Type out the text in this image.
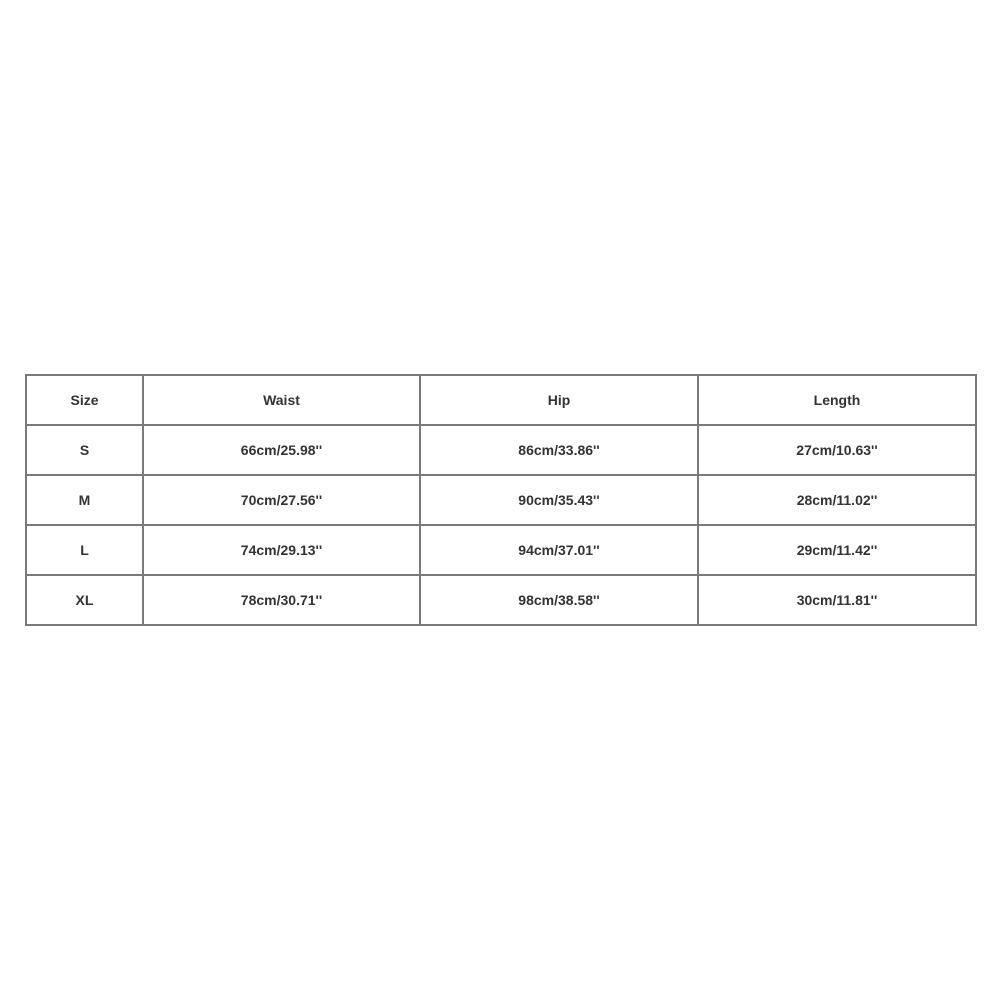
Size	Waist	Hip	Length
S	66cm/25.98''	86cm/33.86''	27cm/10.63''
M	70cm/27.56''	90cm/35.43''	28cm/11.02''
L	74cm/29.13''	94cm/37.01''	29cm/11.42''
XL	78cm/30.71''	98cm/38.58''	30cm/11.81''
